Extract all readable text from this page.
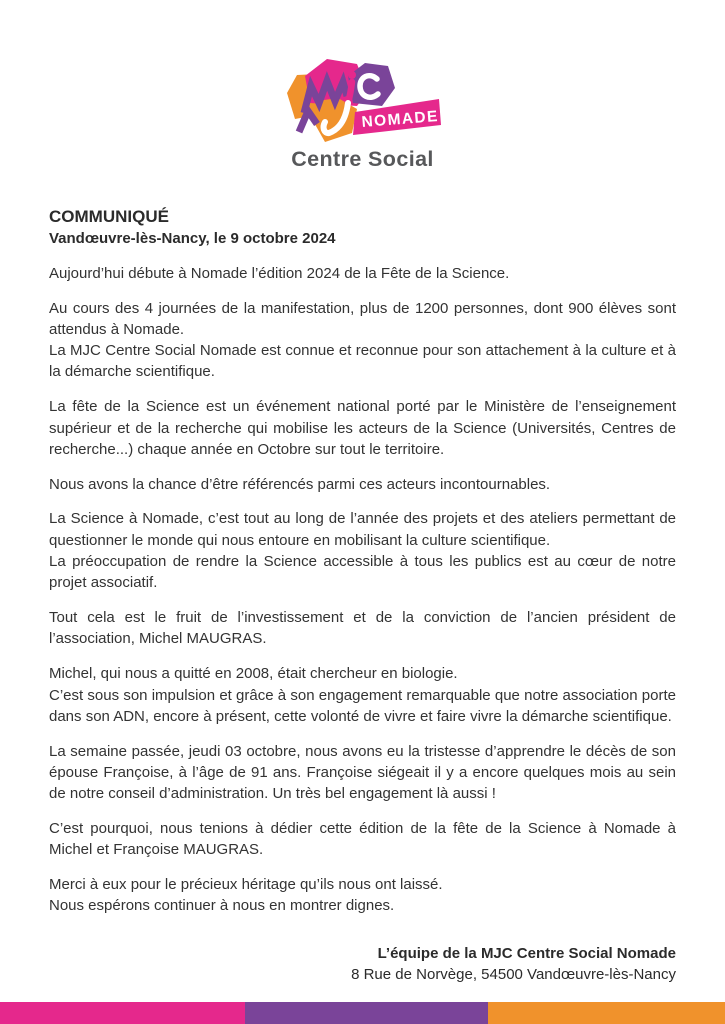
NOMADE
Centre Social
COMMUNIQUÉ
Vandœuvre-lès-Nancy, le 9 octobre 2024

Aujourd’hui débute à Nomade l’édition 2024 de la Fête de la Science.

Au cours des 4 journées de la manifestation, plus de 1200 personnes, dont 900 élèves sont attendus à Nomade.
La MJC Centre Social Nomade est connue et reconnue pour son attachement à la culture et à la démarche scientifique.

La fête de la Science est un événement national porté par le Ministère de l’enseignement supérieur et de la recherche qui mobilise les acteurs de la Science (Universités, Centres de recherche...) chaque année en Octobre sur tout le territoire.

Nous avons la chance d’être référencés parmi ces acteurs incontournables.

La Science à Nomade, c’est tout au long de l’année des projets et des ateliers permettant de questionner le monde qui nous entoure en mobilisant la culture scientifique.
La préoccupation de rendre la Science accessible à tous les publics est au cœur de notre projet associatif.

Tout cela est le fruit de l’investissement et de la conviction de l’ancien président de l’association, Michel MAUGRAS.

Michel, qui nous a quitté en 2008, était chercheur en biologie.
C’est sous son impulsion et grâce à son engagement remarquable que notre association porte dans son ADN, encore à présent, cette volonté de vivre et faire vivre la démarche scientifique.

La semaine passée, jeudi 03 octobre, nous avons eu la tristesse d’apprendre le décès de son épouse Françoise, à l’âge de 91 ans. Françoise siégeait il y a encore quelques mois au sein de notre conseil d’administration. Un très bel engagement là aussi !

C’est pourquoi, nous tenions à dédier cette édition de la fête de la Science à Nomade à Michel et Françoise MAUGRAS.

Merci à eux pour le précieux héritage qu’ils nous ont laissé.
Nous espérons continuer à nous en montrer dignes.

L’équipe de la MJC Centre Social Nomade
8 Rue de Norvège, 54500 Vandœuvre-lès-Nancy
